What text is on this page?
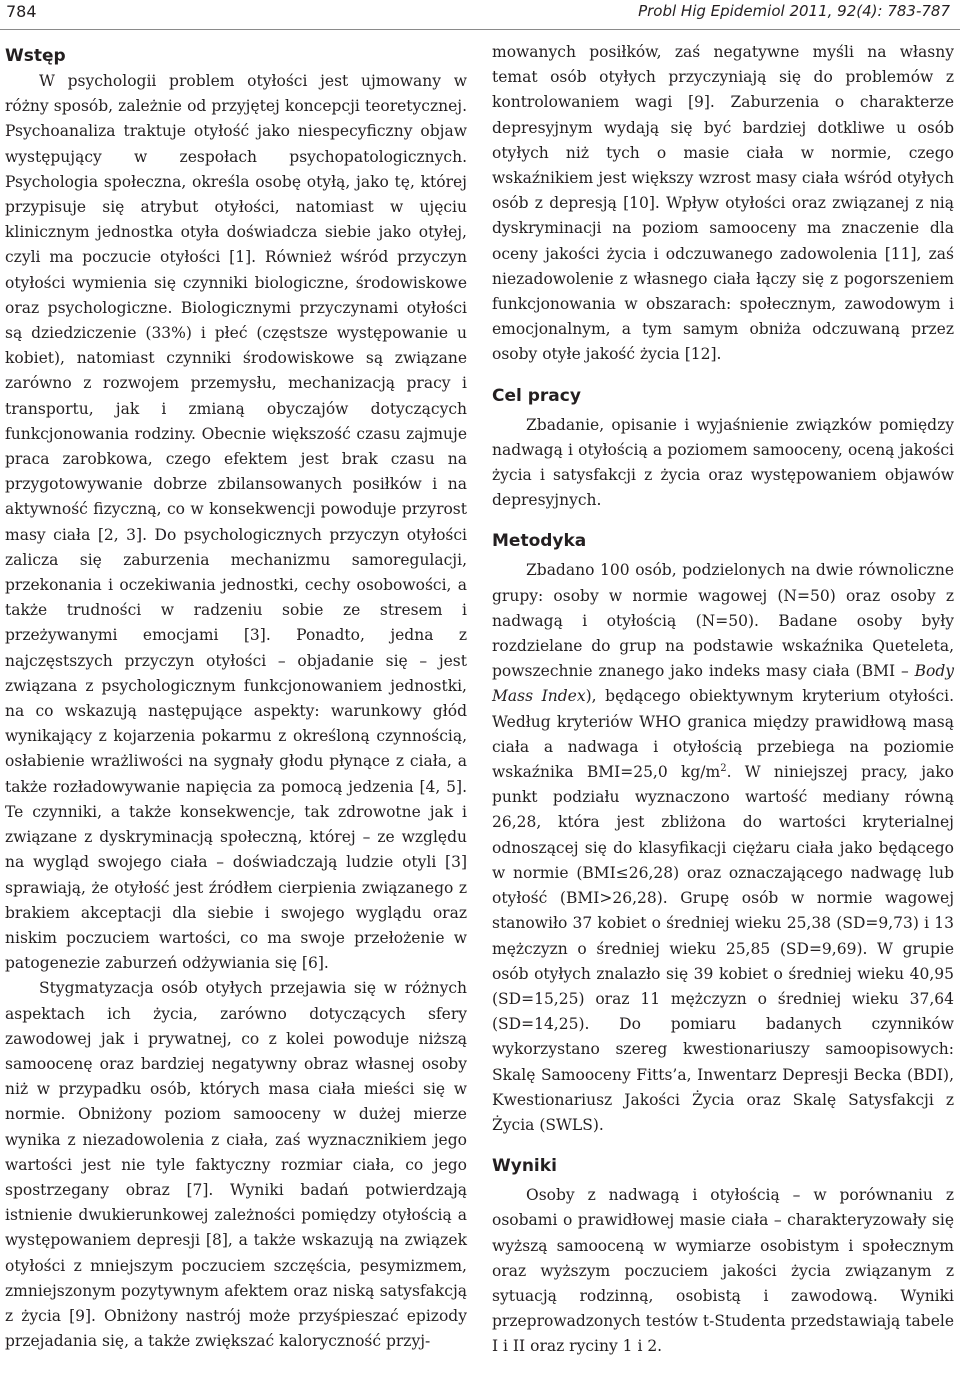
784	Probl Hig Epidemiol 2011, 92(4): 783-787
Wstęp

W psychologii problem otyłości jest ujmowany w różny sposób, zależnie od przyjętej koncepcji teoretycznej. Psychoanaliza traktuje otyłość jako niespecyficzny objaw występujący w zespołach psychopatologicznych. Psychologia społeczna, określa osobę otyłą, jako tę, której przypisuje się atrybut otyłości, natomiast w ujęciu klinicznym jednostka otyła doświadcza siebie jako otyłej, czyli ma poczucie otyłości [1]. Również wśród przyczyn otyłości wymienia się czynniki biologiczne, środowiskowe oraz psychologiczne. Biologicznymi przyczynami otyłości są dziedziczenie (33%) i płeć (częstsze występowanie u kobiet), natomiast czynniki środowiskowe są związane zarówno z rozwojem przemysłu, mechanizacją pracy i transportu, jak i zmianą obyczajów dotyczących funkcjonowania rodziny. Obecnie większość czasu zajmuje praca zarobkowa, czego efektem jest brak czasu na przygotowywanie dobrze zbilansowanych posiłków i na aktywność fizyczną, co w konsekwencji powoduje przyrost masy ciała [2, 3]. Do psychologicznych przyczyn otyłości zalicza się zaburzenia mechanizmu samoregulacji, przekonania i oczekiwania jednostki, cechy osobowości, a także trudności w radzeniu sobie ze stresem i przeżywanymi emocjami [3]. Ponadto, jedna z najczęstszych przyczyn otyłości – objadanie się – jest związana z psychologicznym funkcjonowaniem jednostki, na co wskazują następujące aspekty: warunkowy głód wynikający z kojarzenia pokarmu z określoną czynnością, osłabienie wrażliwości na sygnały głodu płynące z ciała, a także rozładowywanie napięcia za pomocą jedzenia [4, 5]. Te czynniki, a także konsekwencje, tak zdrowotne jak i związane z dyskryminacją społeczną, której – ze względu na wygląd swojego ciała – doświadczają ludzie otyli [3] sprawiają, że otyłość jest źródłem cierpienia związanego z brakiem akceptacji dla siebie i swojego wyglądu oraz niskim poczuciem wartości, co ma swoje przełożenie w patogenezie zaburzeń odżywiania się [6].

Stygmatyzacja osób otyłych przejawia się w różnych aspektach ich życia, zarówno dotyczących sfery zawodowej jak i prywatnej, co z kolei powoduje niższą samoocenę oraz bardziej negatywny obraz własnej osoby niż w przypadku osób, których masa ciała mieści się w normie. Obniżony poziom samooceny w dużej mierze wynika z niezadowolenia z ciała, zaś wyznacznikiem jego wartości jest nie tyle faktyczny rozmiar ciała, co jego spostrzegany obraz [7]. Wyniki badań potwierdzają istnienie dwukierunkowej zależności pomiędzy otyłością a występowaniem depresji [8], a także wskazują na związek otyłości z mniejszym poczuciem szczęścia, pesymizmem, zmniejszonym pozytywnym afektem oraz niską satysfakcją z życia [9]. Obniżony nastrój może przyśpieszać epizody przejadania się, a także zwiększać kaloryczność przyj-

mowanych posiłków, zaś negatywne myśli na własny temat osób otyłych przyczyniają się do problemów z kontrolowaniem wagi [9]. Zaburzenia o charakterze depresyjnym wydają się być bardziej dotkliwe u osób otyłych niż tych o masie ciała w normie, czego wskaźnikiem jest większy wzrost masy ciała wśród otyłych osób z depresją [10]. Wpływ otyłości oraz związanej z nią dyskryminacji na poziom samooceny ma znaczenie dla oceny jakości życia i odczuwanego zadowolenia [11], zaś niezadowolenie z własnego ciała łączy się z pogorszeniem funkcjonowania w obszarach: społecznym, zawodowym i emocjonalnym, a tym samym obniża odczuwaną przez osoby otyłe jakość życia [12].

Cel pracy

Zbadanie, opisanie i wyjaśnienie związków pomiędzy nadwagą i otyłością a poziomem samooceny, oceną jakości życia i satysfakcji z życia oraz występowaniem objawów depresyjnych.

Metodyka

Zbadano 100 osób, podzielonych na dwie równoliczne grupy: osoby w normie wagowej (N=50) oraz osoby z nadwagą i otyłością (N=50). Badane osoby były rozdzielane do grup na podstawie wskaźnika Queteleta, powszechnie znanego jako indeks masy ciała (BMI – Body Mass Index), będącego obiektywnym kryterium otyłości. Według kryteriów WHO granica między prawidłową masą ciała a nadwaga i otyłością przebiega na poziomie wskaźnika BMI=25,0 $kg/m^2$. W niniejszej pracy, jako punkt podziału wyznaczono wartość mediany równą 26,28, która jest zbliżona do wartości kryterialnej odnoszącej się do klasyfikacji ciężaru ciała jako będącego w normie (BMI≤26,28) oraz oznaczającego nadwagę lub otyłość (BMI>26,28). Grupę osób w normie wagowej stanowiło 37 kobiet o średniej wieku 25,38 (SD=9,73) i 13 mężczyzn o średniej wieku 25,85 (SD=9,69). W grupie osób otyłych znalazło się 39 kobiet o średniej wieku 40,95 (SD=15,25) oraz 11 mężczyzn o średniej wieku 37,64 (SD=14,25). Do pomiaru badanych czynników wykorzystano szereg kwestionariuszy samoopisowych: Skalę Samooceny Fitts’a, Inwentarz Depresji Becka (BDI), Kwestionariusz Jakości Życia oraz Skalę Satysfakcji z Życia (SWLS).

Wyniki

Osoby z nadwagą i otyłością – w porównaniu z osobami o prawidłowej masie ciała – charakteryzowały się wyższą samooceną w wymiarze osobistym i społecznym oraz wyższym poczuciem jakości życia związanym z sytuacją rodzinną, osobistą i zawodową. Wyniki przeprowadzonych testów t-Studenta przedstawiają tabele I i II oraz ryciny 1 i 2.
